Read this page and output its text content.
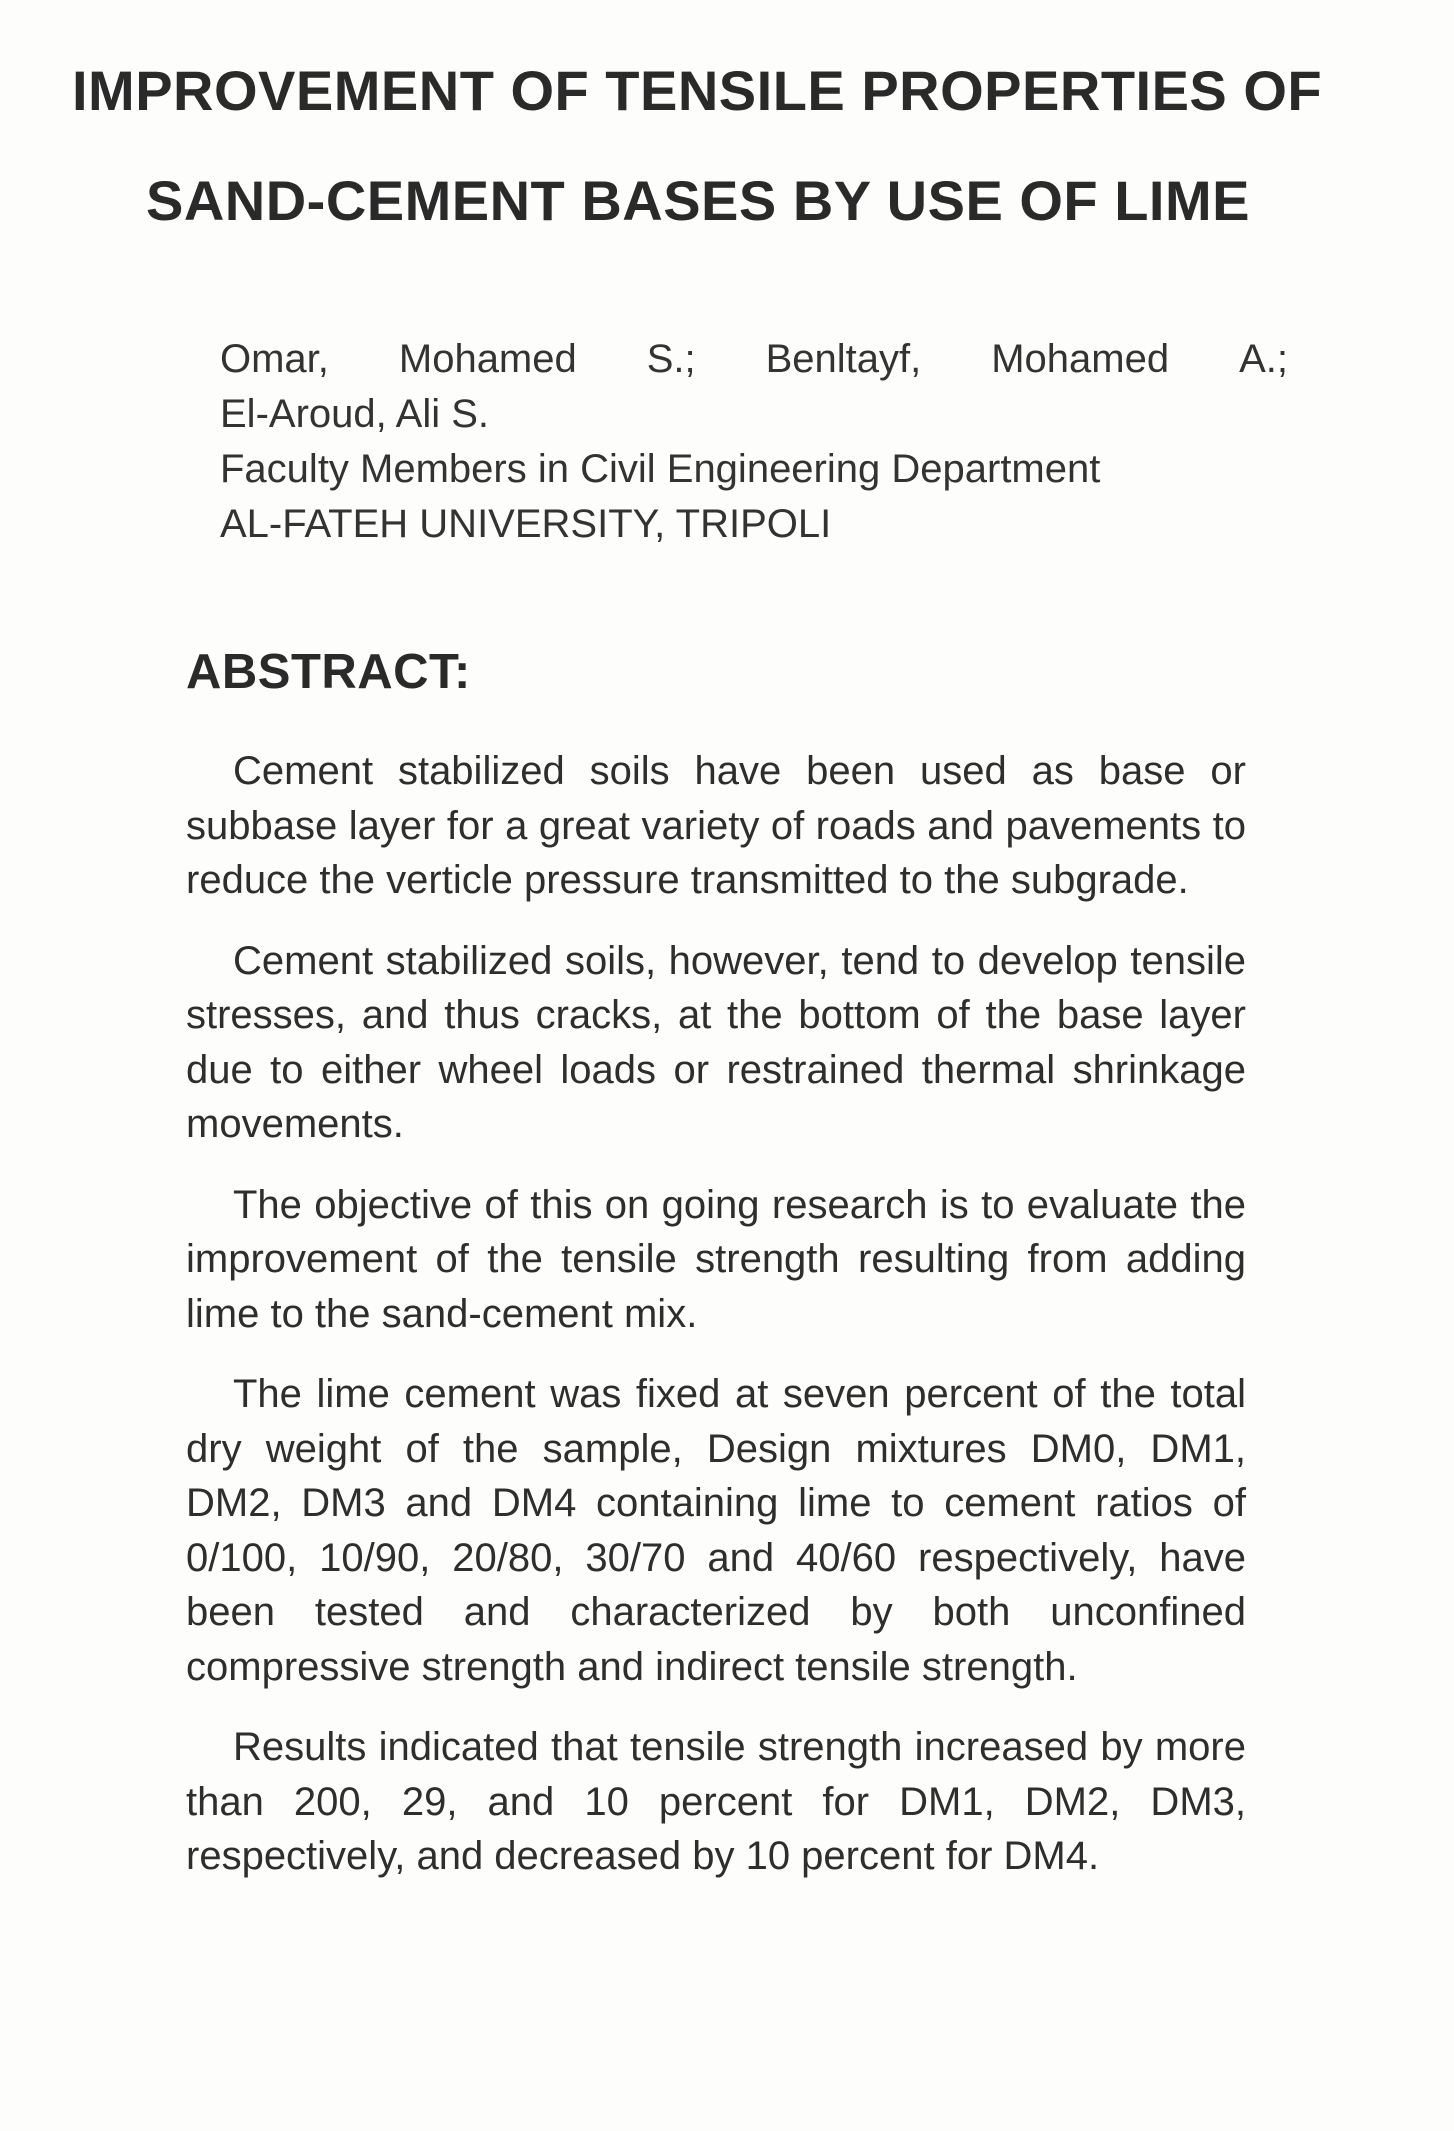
IMPROVEMENT OF TENSILE PROPERTIES OF
SAND-CEMENT BASES BY USE OF LIME
Omar, Mohamed S.; Benltayf, Mohamed A.;
El-Aroud, Ali S.
Faculty Members in Civil Engineering Department
AL-FATEH UNIVERSITY, TRIPOLI
ABSTRACT:

Cement stabilized soils have been used as base or subbase layer for a great variety of roads and pavements to reduce the verticle pressure transmitted to the subgrade.

Cement stabilized soils, however, tend to develop tensile stresses, and thus cracks, at the bottom of the base layer due to either wheel loads or restrained thermal shrinkage movements.

The objective of this on going research is to evaluate the improvement of the tensile strength resulting from adding lime to the sand-cement mix.

The lime cement was fixed at seven percent of the total dry weight of the sample, Design mixtures DM0, DM1, DM2, DM3 and DM4 containing lime to cement ratios of 0/100, 10/90, 20/80, 30/70 and 40/60 respectively, have been tested and characterized by both unconfined compressive strength and indirect tensile strength.

Results indicated that tensile strength increased by more than 200, 29, and 10 percent for DM1, DM2, DM3, respectively, and decreased by 10 percent for DM4.
